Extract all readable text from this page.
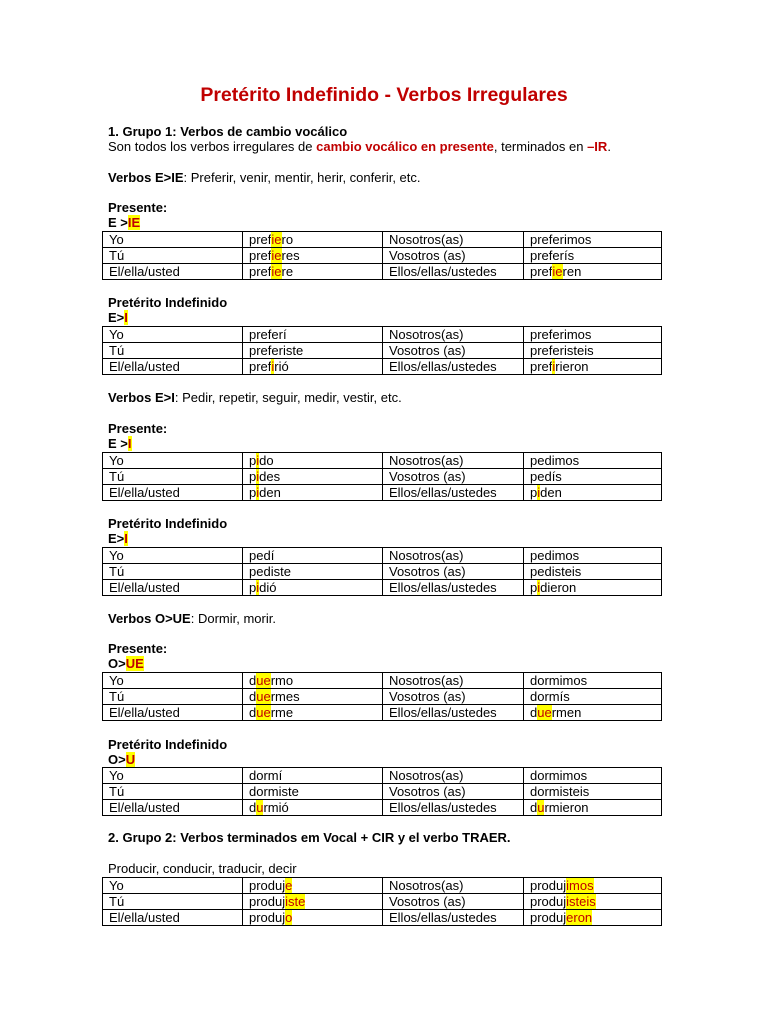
Pretérito Indefinido - Verbos Irregulares
1. Grupo 1: Verbos de cambio vocálico
Son todos los verbos irregulares de cambio vocálico en presente, terminados en –IR.
Verbos E>IE: Preferir, venir, mentir, herir, conferir, etc.
Presente:
E >IE
Yo	prefiero	Nosotros(as)	preferimos
Tú	prefieres	Vosotros (as)	preferís
El/ella/usted	prefiere	Ellos/ellas/ustedes	prefieren
Pretérito Indefinido
E>I
Yo	preferí	Nosotros(as)	preferimos
Tú	preferiste	Vosotros (as)	preferisteis
El/ella/usted	prefirió	Ellos/ellas/ustedes	prefirieron
Verbos E>I: Pedir, repetir, seguir, medir, vestir, etc.
Presente:
E >I
Yo	pido	Nosotros(as)	pedimos
Tú	pides	Vosotros (as)	pedís
El/ella/usted	piden	Ellos/ellas/ustedes	piden
Pretérito Indefinido
E>I
Yo	pedí	Nosotros(as)	pedimos
Tú	pediste	Vosotros (as)	pedisteis
El/ella/usted	pidió	Ellos/ellas/ustedes	pidieron
Verbos O>UE: Dormir, morir.
Presente:
O>UE
Yo	duermo	Nosotros(as)	dormimos
Tú	duermes	Vosotros (as)	dormís
El/ella/usted	duerme	Ellos/ellas/ustedes	duermen
Pretérito Indefinido
O>U
Yo	dormí	Nosotros(as)	dormimos
Tú	dormiste	Vosotros (as)	dormisteis
El/ella/usted	durmió	Ellos/ellas/ustedes	durmieron
2. Grupo 2: Verbos terminados em Vocal + CIR y el verbo TRAER.
Producir, conducir, traducir, decir
Yo	produje	Nosotros(as)	produjimos
Tú	produjiste	Vosotros (as)	produjisteis
El/ella/usted	produjo	Ellos/ellas/ustedes	produjeron
